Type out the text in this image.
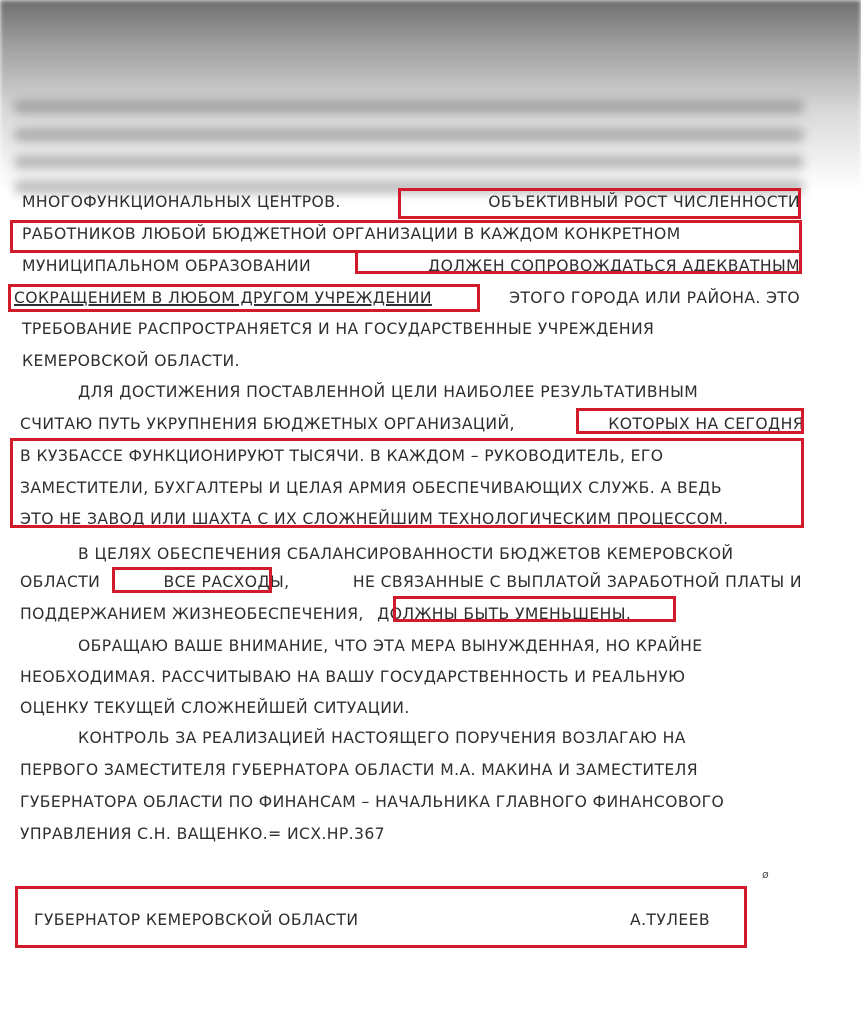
МНОГОФУНКЦИОНАЛЬНЫХ ЦЕНТРОВ.	ОБЪЕКТИВНЫЙ РОСТ ЧИСЛЕННОСТИ
РАБОТНИКОВ ЛЮБОЙ БЮДЖЕТНОЙ ОРГАНИЗАЦИИ В КАЖДОМ КОНКРЕТНОМ
МУНИЦИПАЛЬНОМ ОБРАЗОВАНИИ	ДОЛЖЕН СОПРОВОЖДАТЬСЯ АДЕКВАТНЫМ
СОКРАЩЕНИЕМ В ЛЮБОМ ДРУГОМ УЧРЕЖДЕНИИ	ЭТОГО ГОРОДА ИЛИ РАЙОНА. ЭТО
ТРЕБОВАНИЕ РАСПРОСТРАНЯЕТСЯ И НА ГОСУДАРСТВЕННЫЕ УЧРЕЖДЕНИЯ
КЕМЕРОВСКОЙ ОБЛАСТИ.
ДЛЯ ДОСТИЖЕНИЯ ПОСТАВЛЕННОЙ ЦЕЛИ НАИБОЛЕЕ РЕЗУЛЬТАТИВНЫМ
СЧИТАЮ ПУТЬ УКРУПНЕНИЯ БЮДЖЕТНЫХ ОРГАНИЗАЦИЙ,	КОТОРЫХ НА СЕГОДНЯ
В КУЗБАССЕ ФУНКЦИОНИРУЮТ ТЫСЯЧИ. В КАЖДОМ – РУКОВОДИТЕЛЬ, ЕГО
ЗАМЕСТИТЕЛИ, БУХГАЛТЕРЫ И ЦЕЛАЯ АРМИЯ ОБЕСПЕЧИВАЮЩИХ СЛУЖБ. А ВЕДЬ
ЭТО НЕ ЗАВОД ИЛИ ШАХТА С ИХ СЛОЖНЕЙШИМ ТЕХНОЛОГИЧЕСКИМ ПРОЦЕССОМ.
В ЦЕЛЯХ ОБЕСПЕЧЕНИЯ СБАЛАНСИРОВАННОСТИ БЮДЖЕТОВ КЕМЕРОВСКОЙ
ОБЛАСТИ	ВСЕ РАСХОДЫ,	НЕ СВЯЗАННЫЕ С ВЫПЛАТОЙ ЗАРАБОТНОЙ ПЛАТЫ И
ПОДДЕРЖАНИЕМ ЖИЗНЕОБЕСПЕЧЕНИЯ, ДОЛЖНЫ БЫТЬ УМЕНЬШЕНЫ.
ОБРАЩАЮ ВАШЕ ВНИМАНИЕ, ЧТО ЭТА МЕРА ВЫНУЖДЕННАЯ, НО КРАЙНЕ
НЕОБХОДИМАЯ. РАССЧИТЫВАЮ НА ВАШУ ГОСУДАРСТВЕННОСТЬ И РЕАЛЬНУЮ
ОЦЕНКУ ТЕКУЩЕЙ СЛОЖНЕЙШЕЙ СИТУАЦИИ.
КОНТРОЛЬ ЗА РЕАЛИЗАЦИЕЙ НАСТОЯЩЕГО ПОРУЧЕНИЯ ВОЗЛАГАЮ НА
ПЕРВОГО ЗАМЕСТИТЕЛЯ ГУБЕРНАТОРА ОБЛАСТИ М.А. МАКИНА И ЗАМЕСТИТЕЛЯ
ГУБЕРНАТОРА ОБЛАСТИ ПО ФИНАНСАМ – НАЧАЛЬНИКА ГЛАВНОГО ФИНАНСОВОГО
УПРАВЛЕНИЯ С.Н. ВАЩЕНКО.= ИСХ.НР.367
ø
ГУБЕРНАТОР КЕМЕРОВСКОЙ ОБЛАСТИ	А.ТУЛЕЕВ
